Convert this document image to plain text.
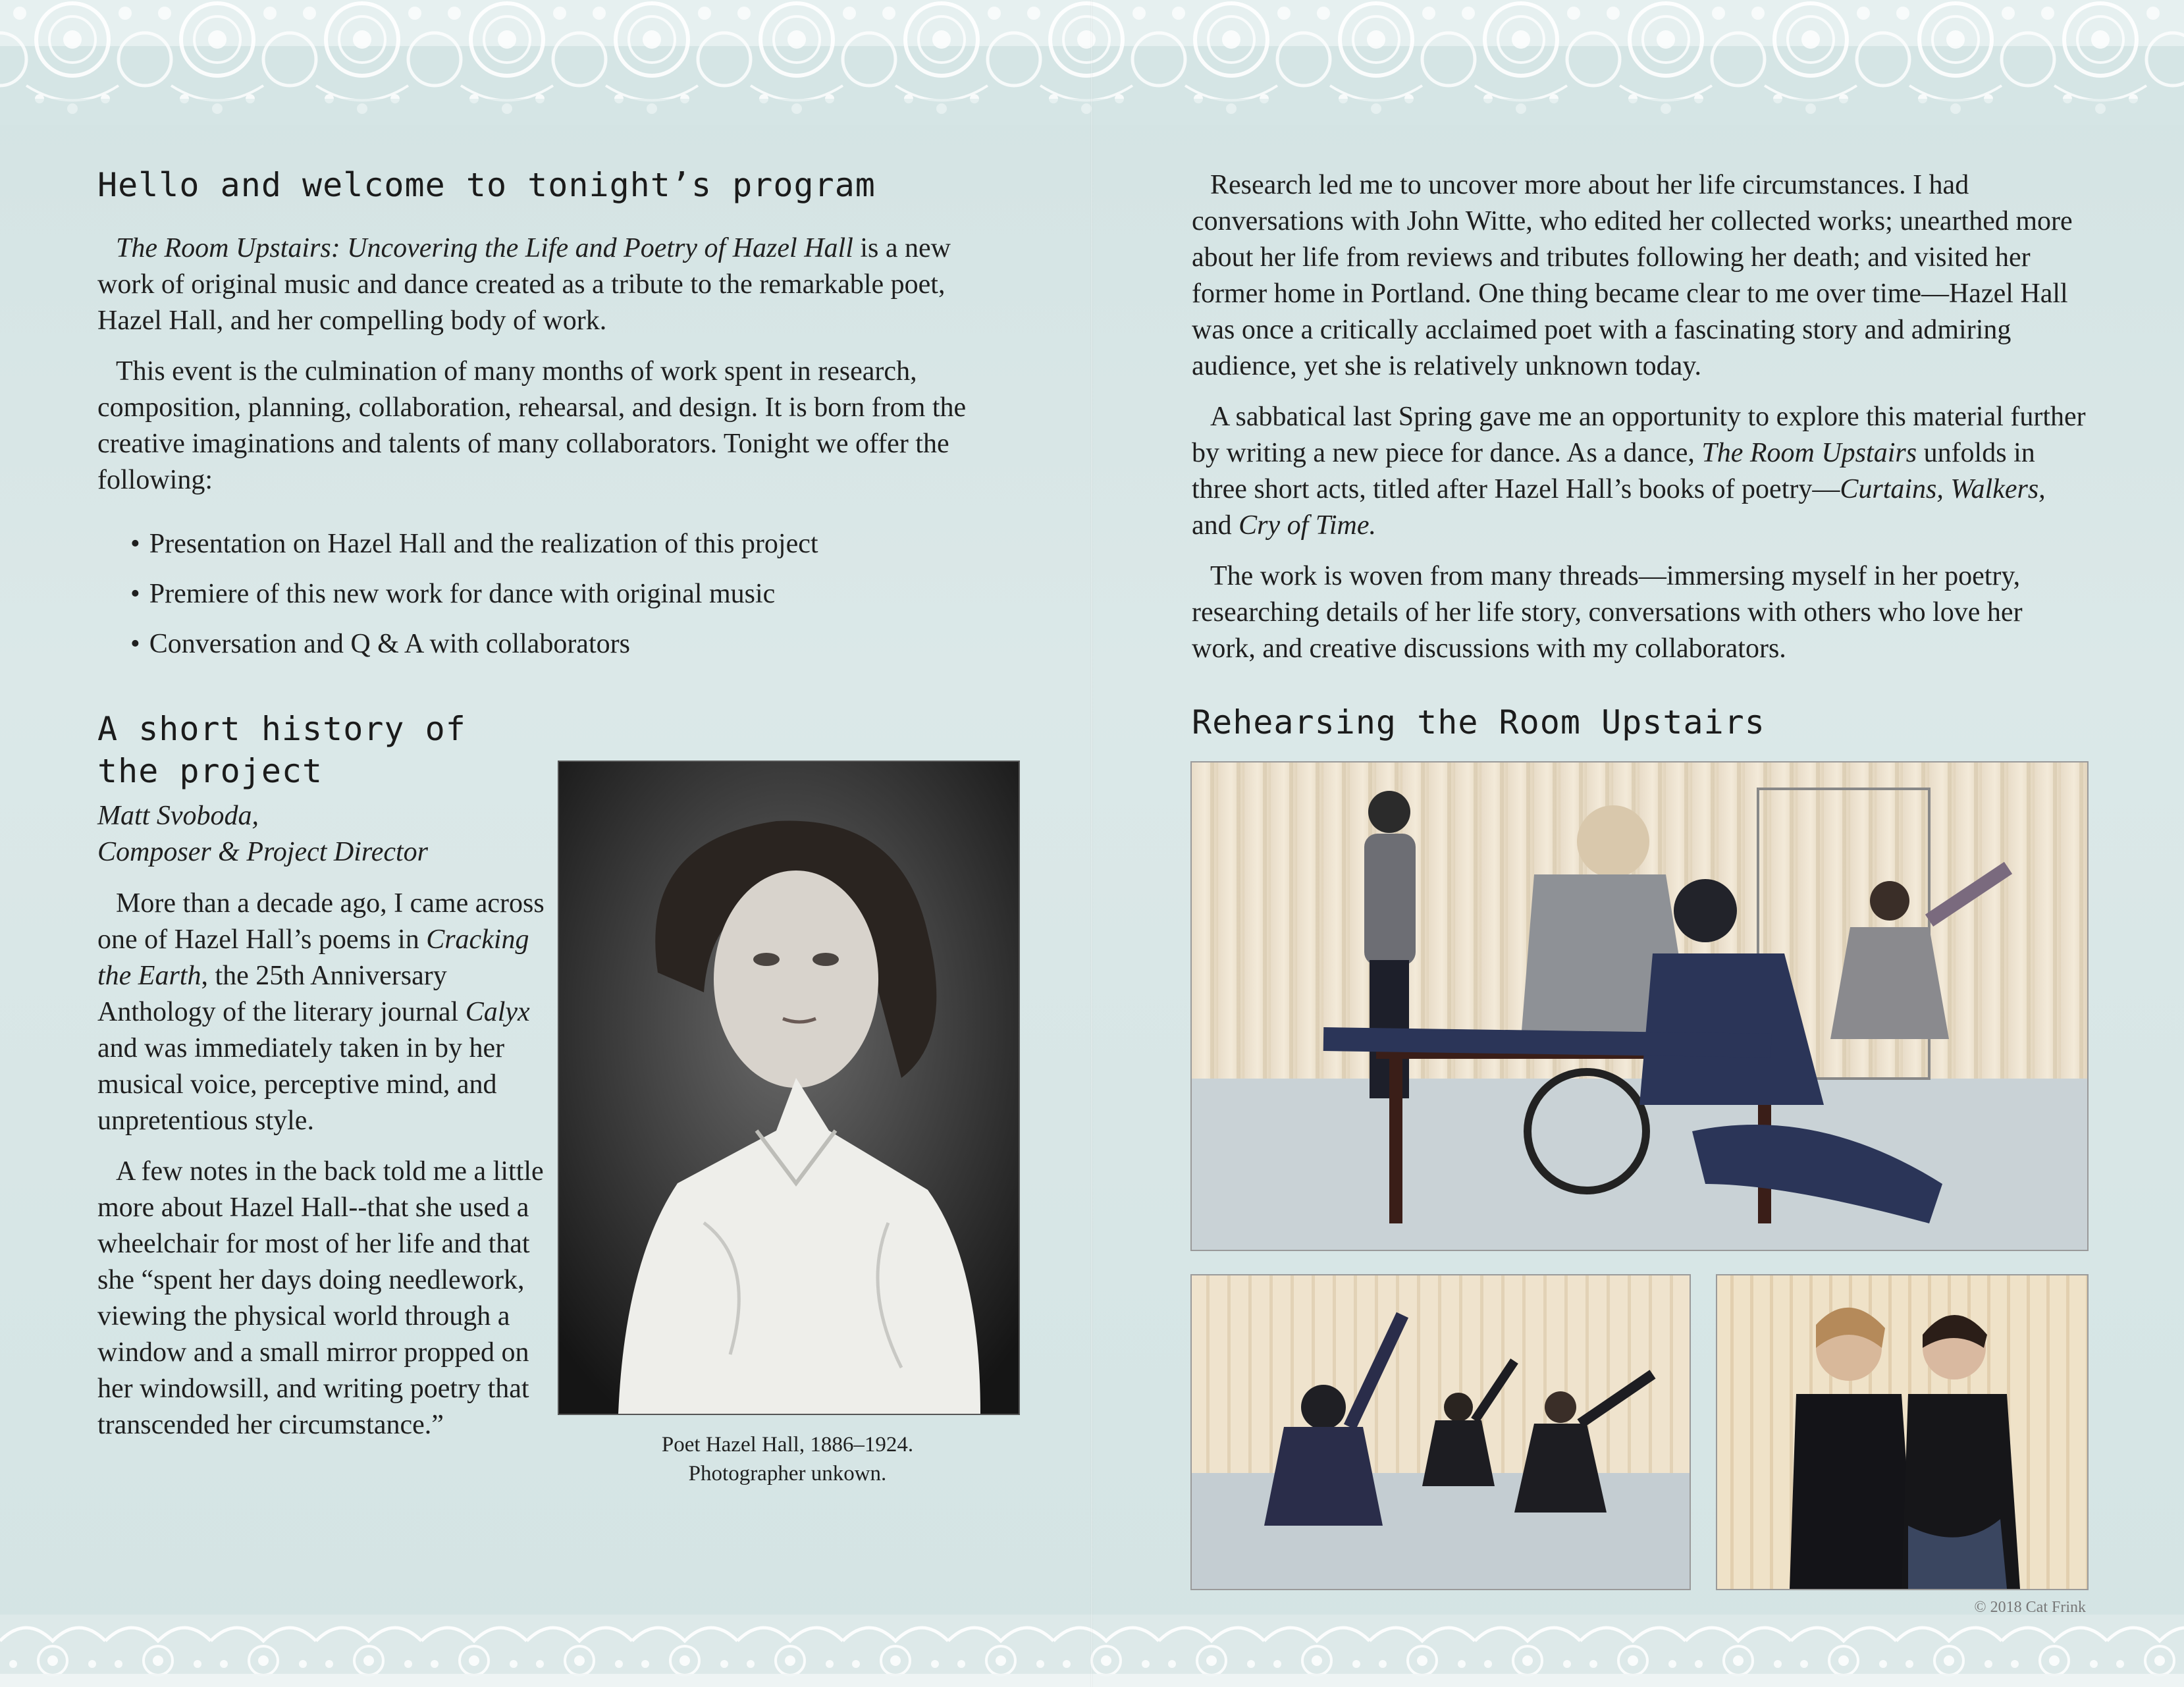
Hello and welcome to tonight’s program

The Room Upstairs: Uncovering the Life and Poetry of Hazel Hall is a new work of original music and dance created as a tribute to the remarkable poet, Hazel Hall, and her compelling body of work.

This event is the culmination of many months of work spent in research, composition, planning, collaboration, rehearsal, and design. It is born from the creative imaginations and talents of many collaborators. Tonight we offer the following:

• Presentation on Hazel Hall and the realization of this project
• Premiere of this new work for dance with original music
• Conversation and Q & A with collaborators
A short history of
the project
Matt Svoboda,
Composer & Project Director

More than a decade ago, I came across one of Hazel Hall’s poems in Cracking the Earth, the 25th Anniversary Anthology of the literary journal Calyx and was immediately taken in by her musical voice, perceptive mind, and unpretentious style.

A few notes in the back told me a little more about Hazel Hall--that she used a wheelchair for most of her life and that she “spent her days doing needlework, viewing the physical world through a window and a small mirror propped on her windowsill, and writing poetry that transcended her circumstance.”

Poet Hazel Hall, 1886–1924.
Photographer unkown.

Research led me to uncover more about her life circumstances. I had conversations with John Witte, who edited her collected works; unearthed more about her life from reviews and tributes following her death; and visited her former home in Portland. One thing became clear to me over time—Hazel Hall was once a critically acclaimed poet with a fascinating story and admiring audience, yet she is relatively unknown today.

A sabbatical last Spring gave me an opportunity to explore this material further by writing a new piece for dance. As a dance, The Room Upstairs unfolds in three short acts, titled after Hazel Hall’s books of poetry—Curtains, Walkers, and Cry of Time.

The work is woven from many threads—immersing myself in her poetry, researching details of her life story, conversations with others who love her work, and creative discussions with my collaborators.

Rehearsing the Room Upstairs
© 2018 Cat Frink
